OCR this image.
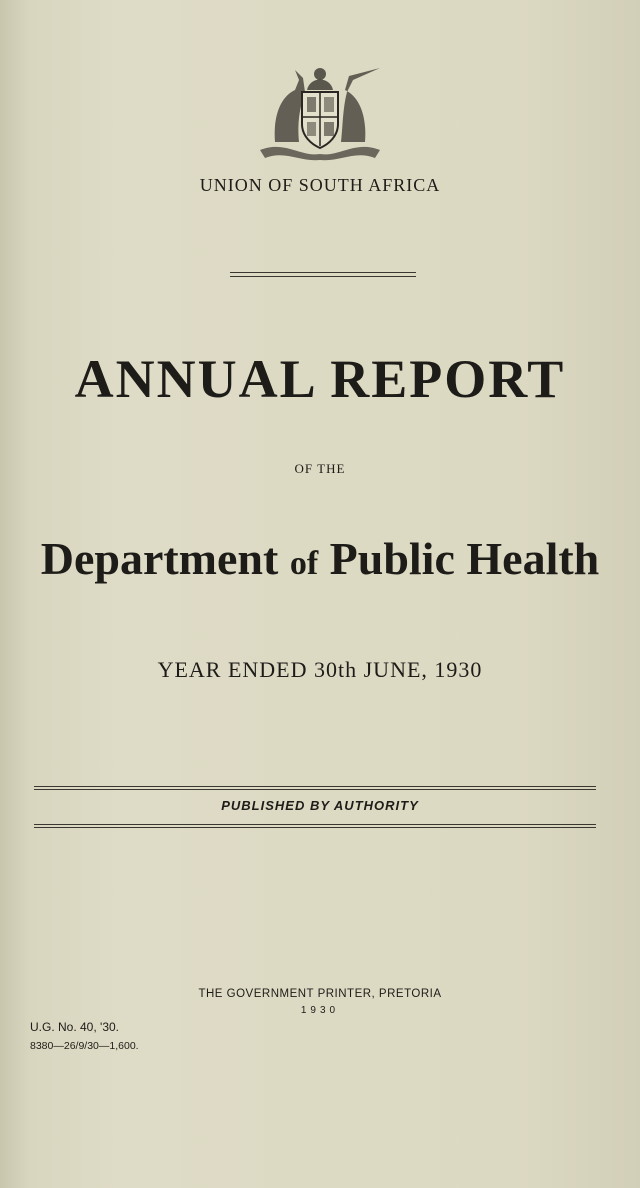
UNION OF SOUTH AFRICA
ANNUAL REPORT
OF THE
Department of Public Health
YEAR ENDED 30th JUNE, 1930
PUBLISHED BY AUTHORITY
THE GOVERNMENT PRINTER, PRETORIA
1930
U.G. No. 40, '30.
8380—26/9/30—1,600.
